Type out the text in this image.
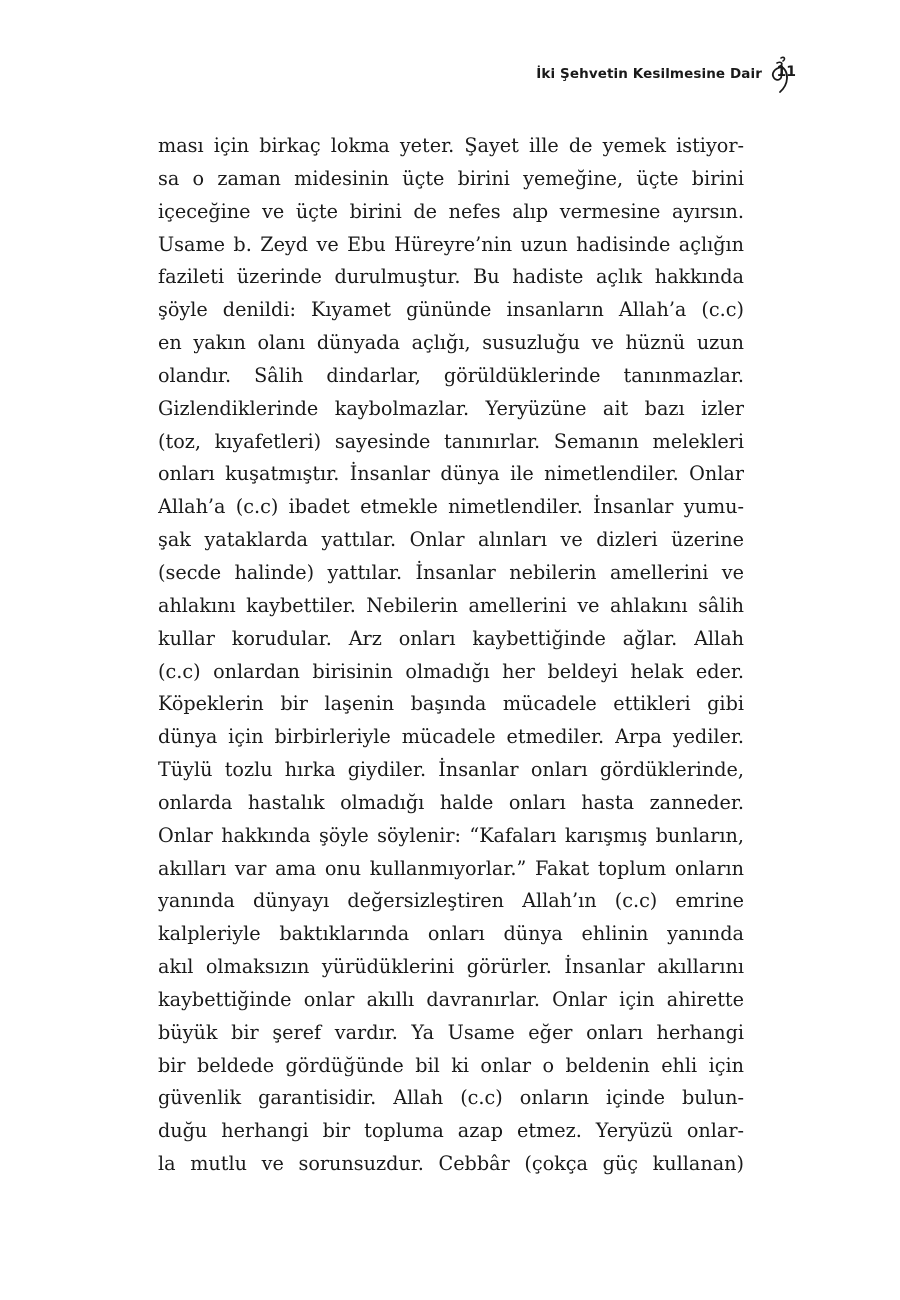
İki Şehvetin Kesilmesine Dair 11
ması için birkaç lokma yeter. Şayet ille de yemek istiyor-
sa o zaman midesinin üçte birini yemeğine, üçte birini
içeceğine ve üçte birini de nefes alıp vermesine ayırsın.
Usame b. Zeyd ve Ebu Hüreyre’nin uzun hadisinde açlığın
fazileti üzerinde durulmuştur. Bu hadiste açlık hakkında
şöyle denildi: Kıyamet gününde insanların Allah’a (c.c)
en yakın olanı dünyada açlığı, susuzluğu ve hüznü uzun
olandır. Sâlih dindarlar, görüldüklerinde tanınmazlar.
Gizlendiklerinde kaybolmazlar. Yeryüzüne ait bazı izler
(toz, kıyafetleri) sayesinde tanınırlar. Semanın melekleri
onları kuşatmıştır. İnsanlar dünya ile nimetlendiler. Onlar
Allah’a (c.c) ibadet etmekle nimetlendiler. İnsanlar yumu-
şak yataklarda yattılar. Onlar alınları ve dizleri üzerine
(secde halinde) yattılar. İnsanlar nebilerin amellerini ve
ahlakını kaybettiler. Nebilerin amellerini ve ahlakını sâlih
kullar korudular. Arz onları kaybettiğinde ağlar. Allah
(c.c) onlardan birisinin olmadığı her beldeyi helak eder.
Köpeklerin bir laşenin başında mücadele ettikleri gibi
dünya için birbirleriyle mücadele etmediler. Arpa yediler.
Tüylü tozlu hırka giydiler. İnsanlar onları gördüklerinde,
onlarda hastalık olmadığı halde onları hasta zanneder.
Onlar hakkında şöyle söylenir: “Kafaları karışmış bunların,
akılları var ama onu kullanmıyorlar.” Fakat toplum onların
yanında dünyayı değersizleştiren Allah’ın (c.c) emrine
kalpleriyle baktıklarında onları dünya ehlinin yanında
akıl olmaksızın yürüdüklerini görürler. İnsanlar akıllarını
kaybettiğinde onlar akıllı davranırlar. Onlar için ahirette
büyük bir şeref vardır. Ya Usame eğer onları herhangi
bir beldede gördüğünde bil ki onlar o beldenin ehli için
güvenlik garantisidir. Allah (c.c) onların içinde bulun-
duğu herhangi bir topluma azap etmez. Yeryüzü onlar-
la mutlu ve sorunsuzdur. Cebbâr (çokça güç kullanan)
